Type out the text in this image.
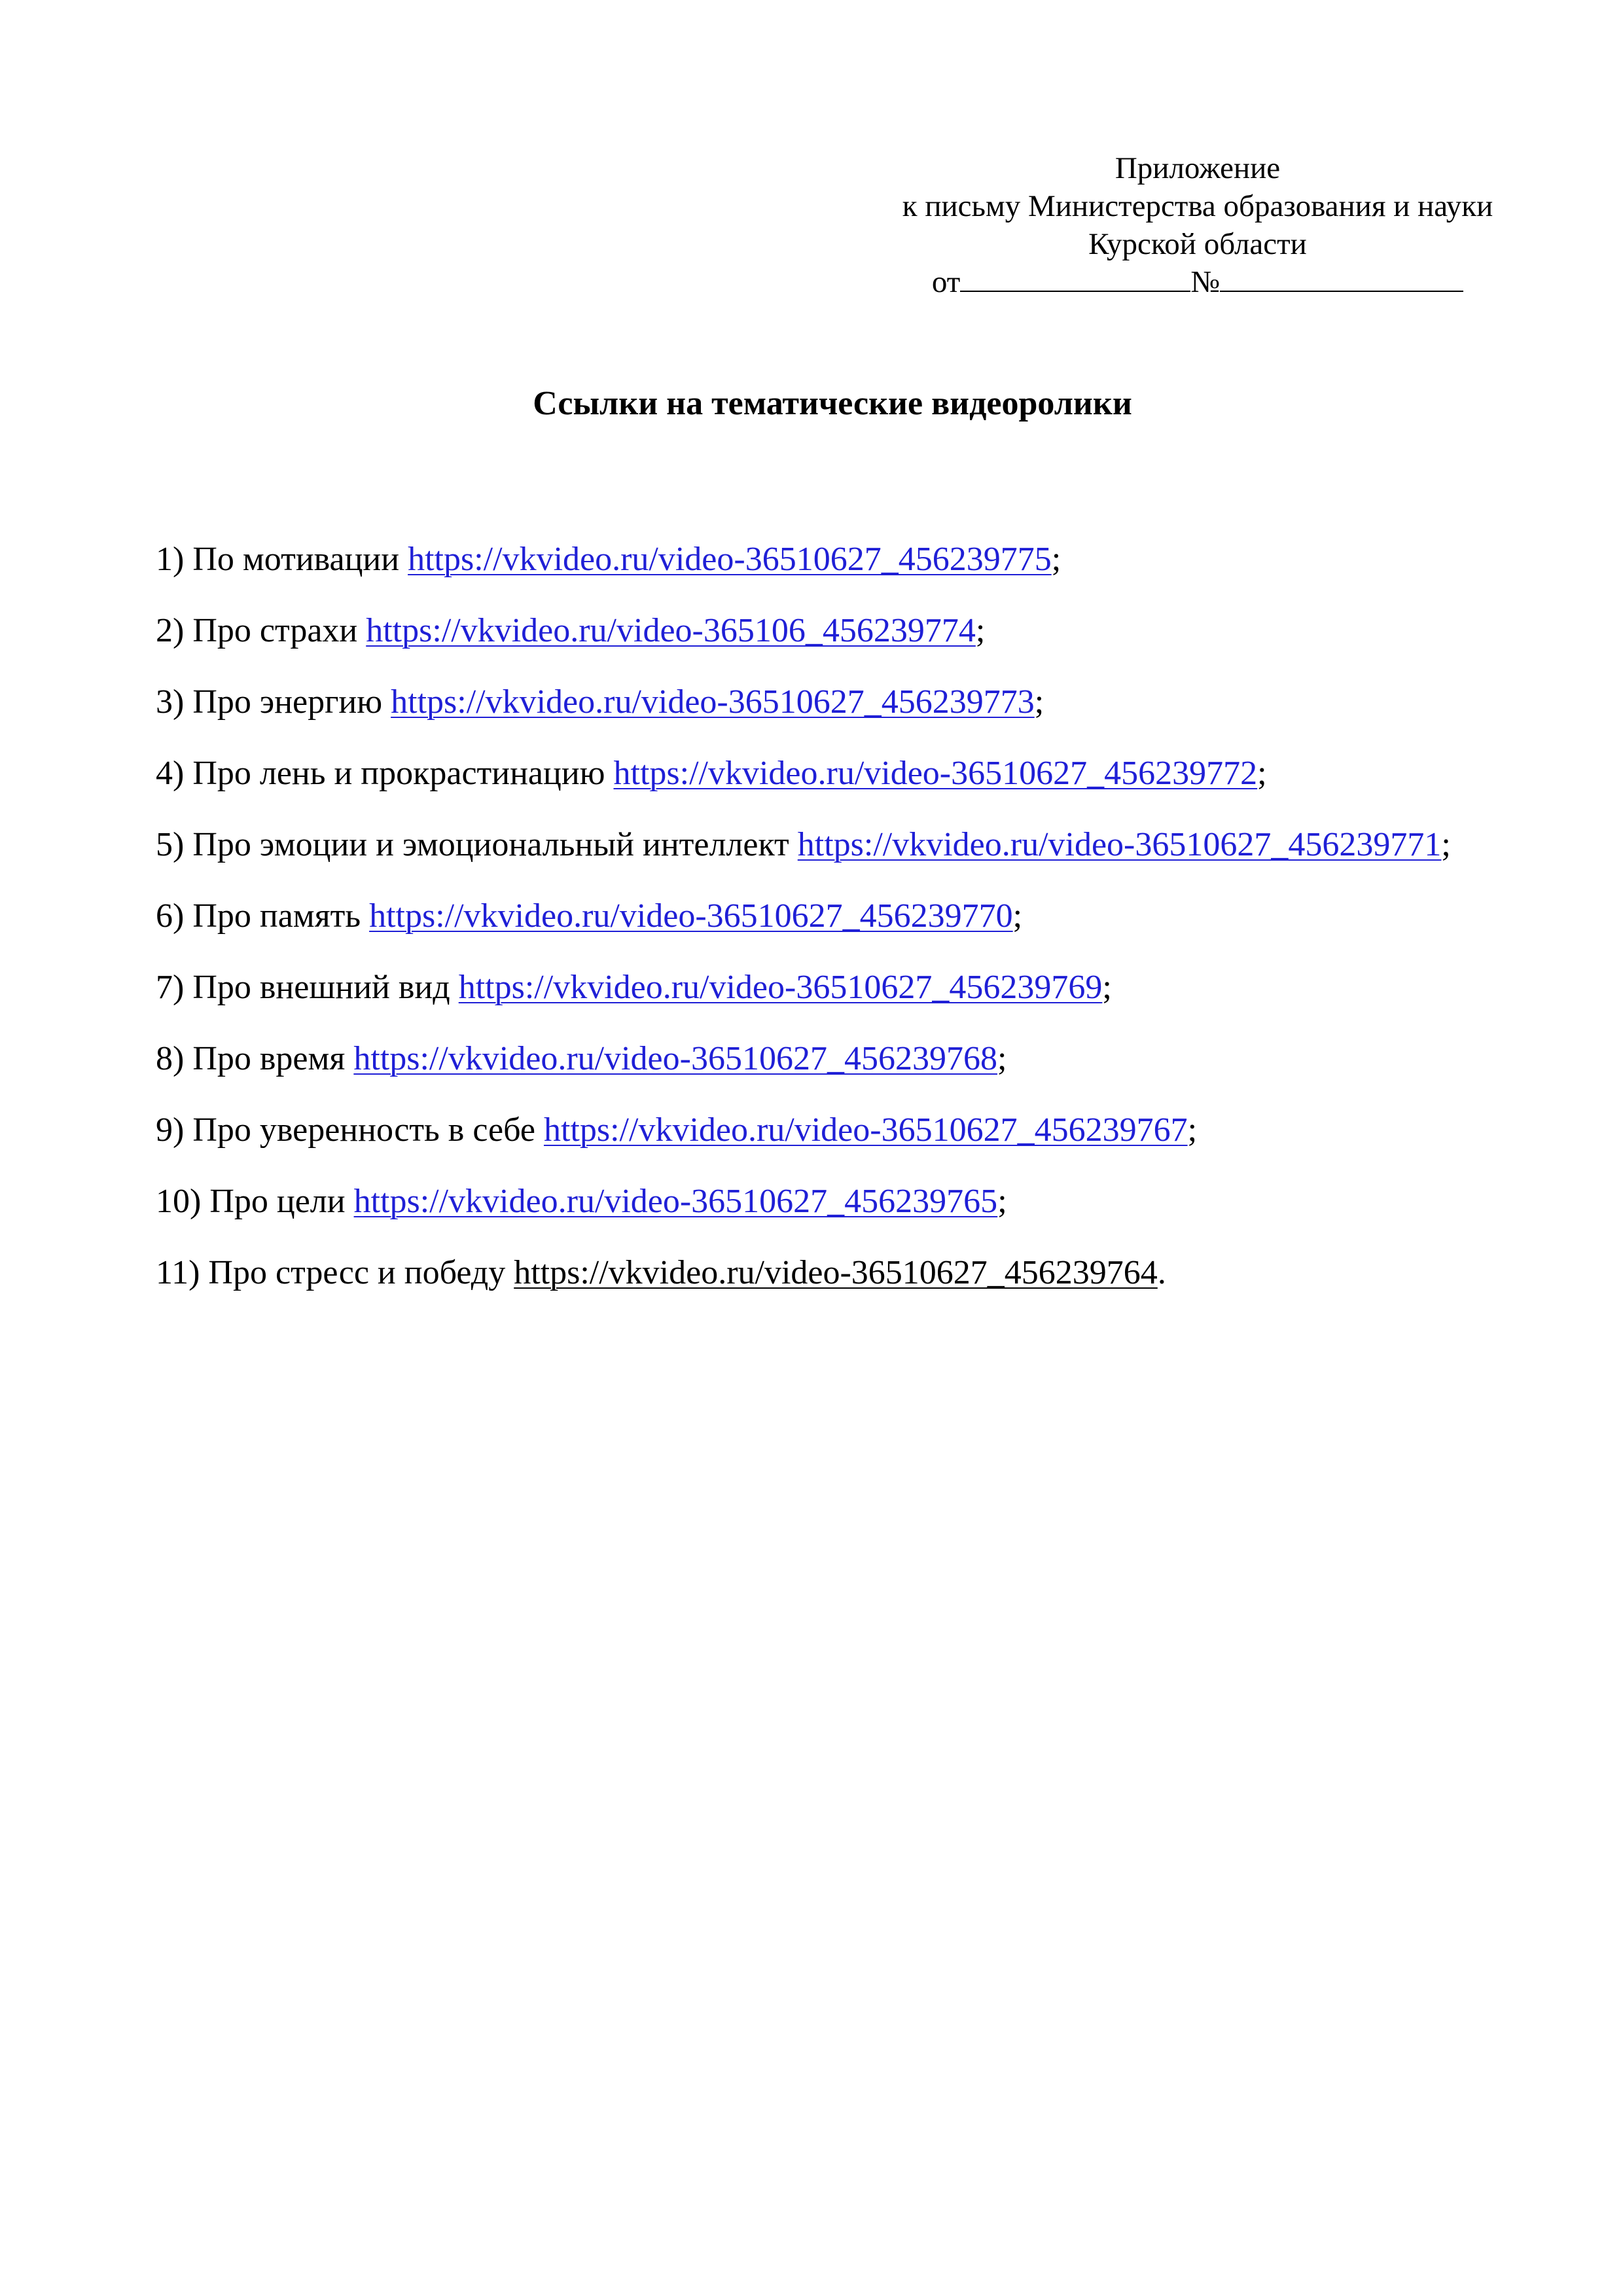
Приложение
к письму Министерства образования и науки
Курской области
от	№
Ссылки на тематические видеоролики

1) По мотивации https://vkvideo.ru/video-36510627_456239775;

2) Про страхи https://vkvideo.ru/video-365106_456239774;

3) Про энергию https://vkvideo.ru/video-36510627_456239773;

4) Про лень и прокрастинацию https://vkvideo.ru/video-36510627_456239772;

5) Про эмоции и эмоциональный интеллект https://vkvideo.ru/video-36510627_456239771;

6) Про память https://vkvideo.ru/video-36510627_456239770;

7) Про внешний вид https://vkvideo.ru/video-36510627_456239769;

8) Про время https://vkvideo.ru/video-36510627_456239768;

9) Про уверенность в себе https://vkvideo.ru/video-36510627_456239767;

10) Про цели https://vkvideo.ru/video-36510627_456239765;

11) Про стресс и победу https://vkvideo.ru/video-36510627_456239764.
